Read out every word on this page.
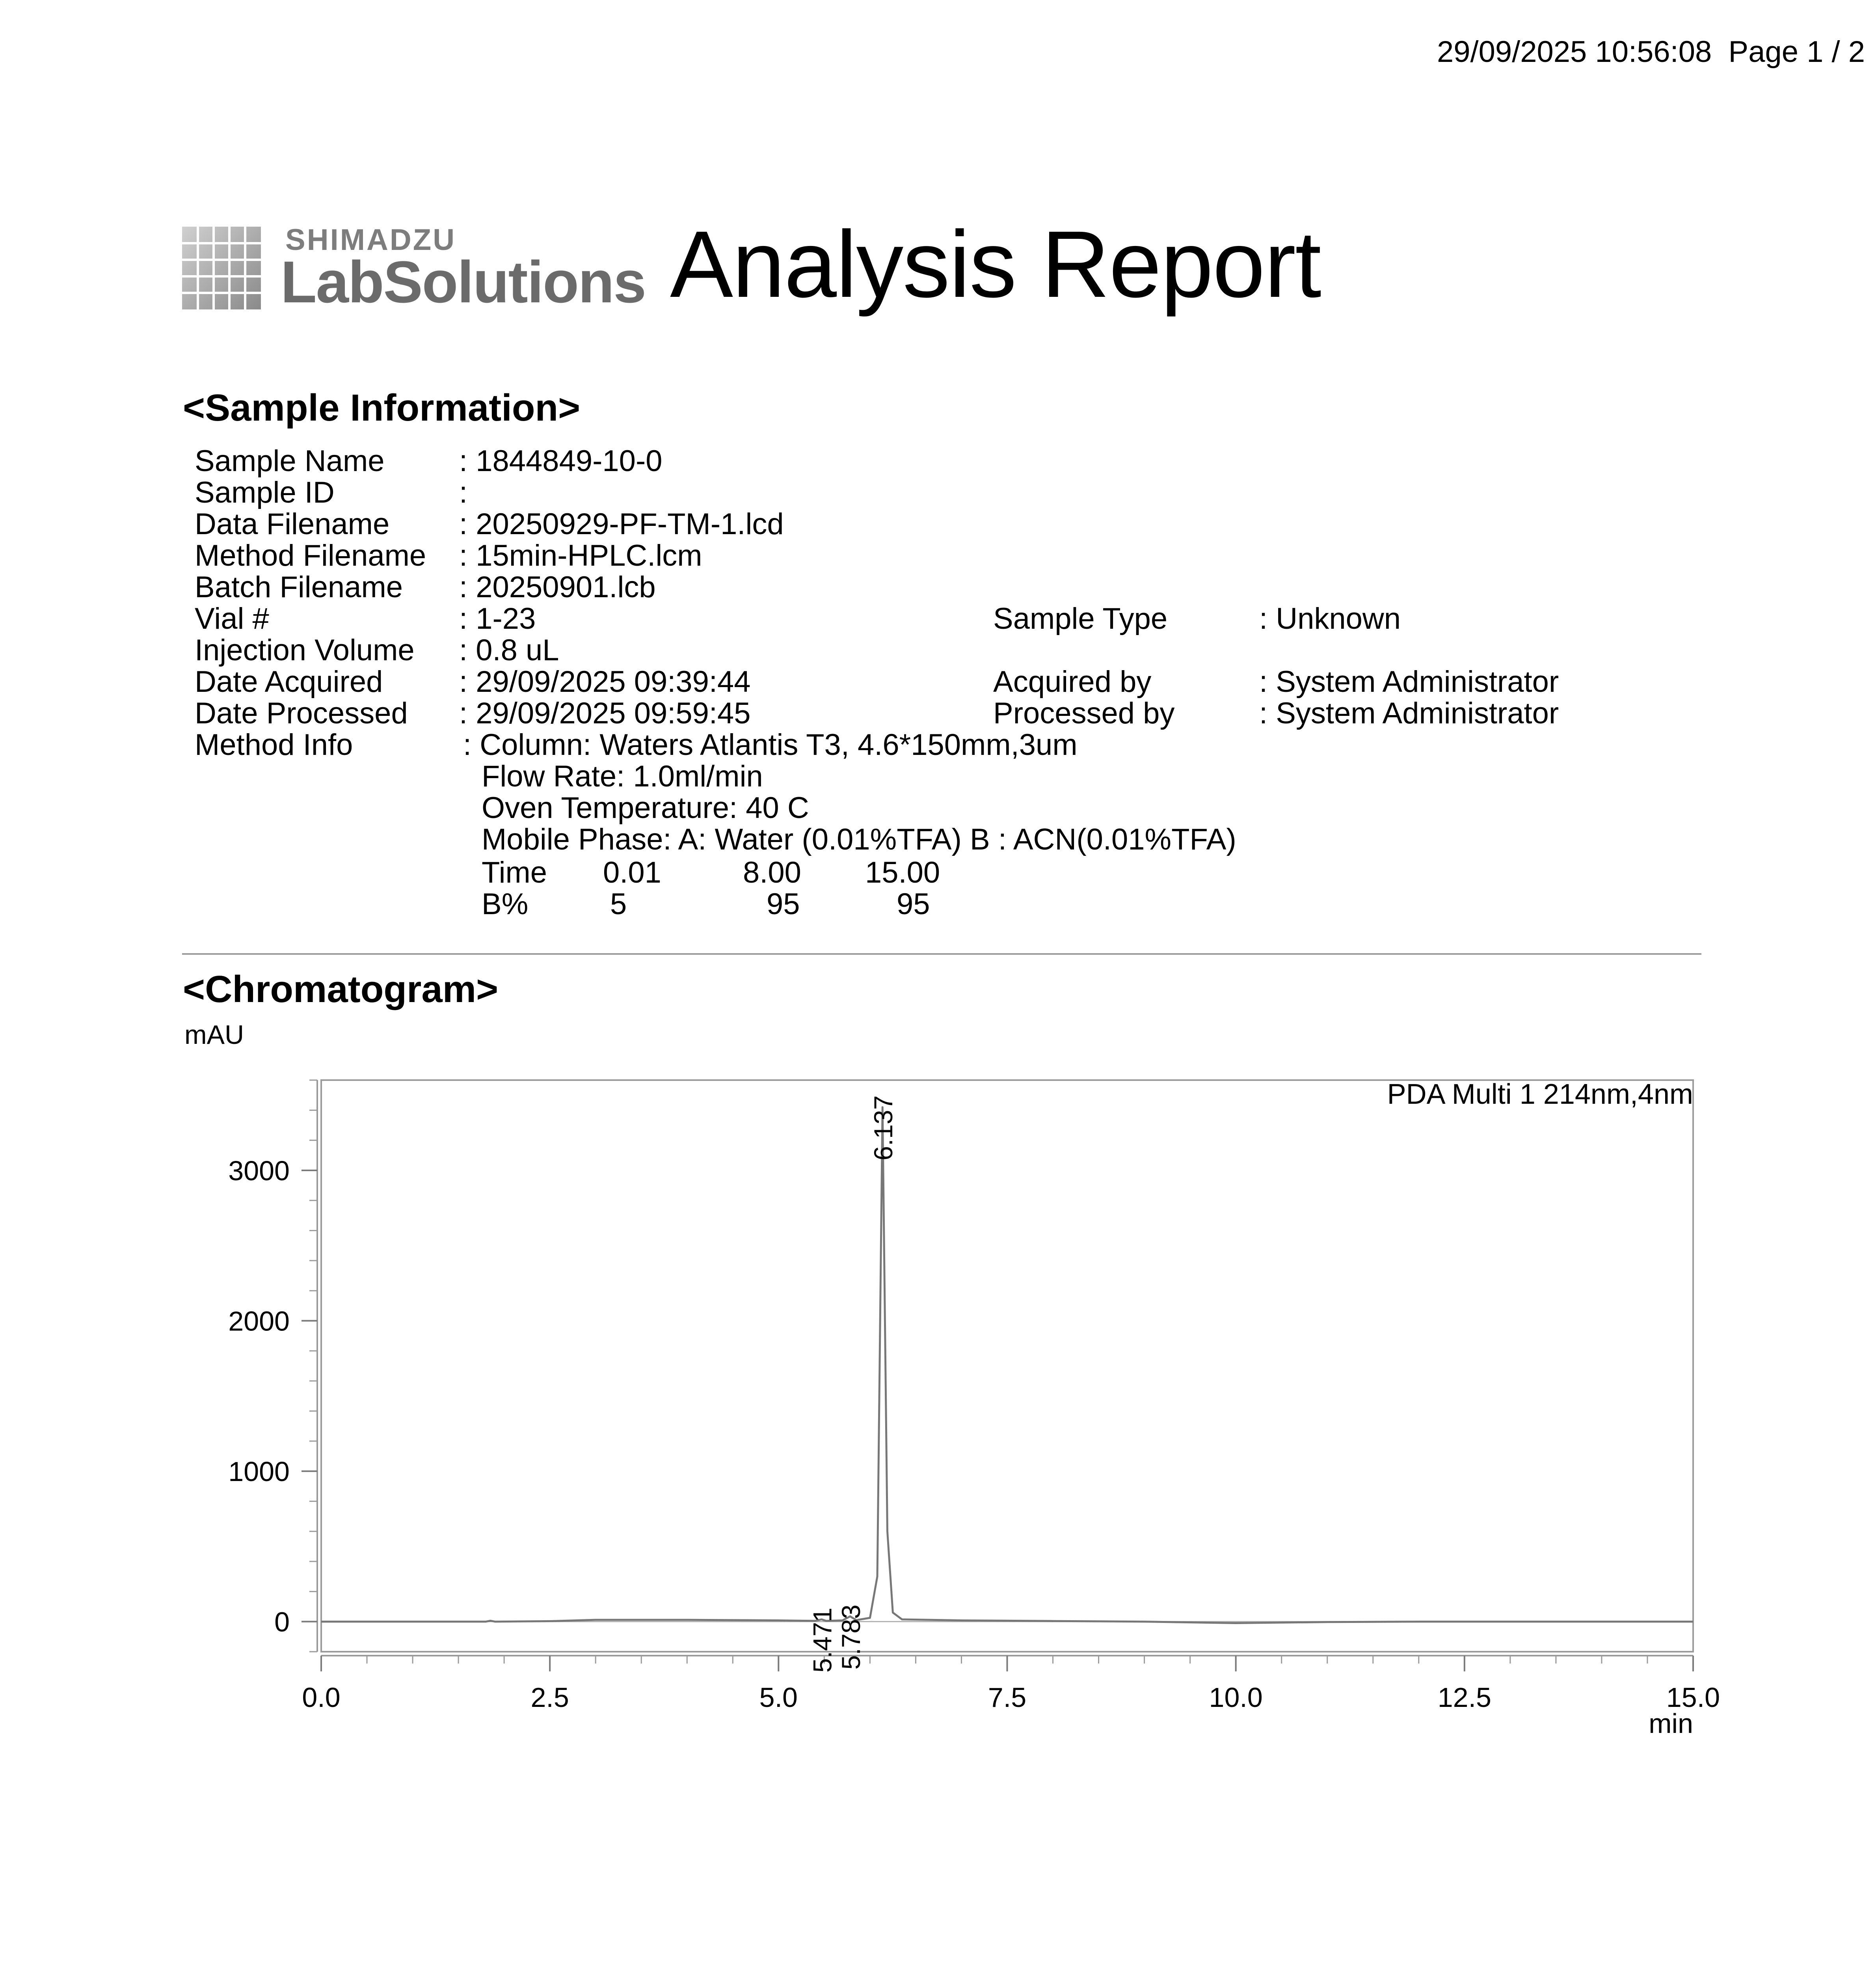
29/09/2025 10:56:08 Page 1 / 2
SHIMADZU
LabSolutions Analysis Report
<Sample Information>
Sample Name : 1844849-10-0
Sample ID	:
Data Filename : 20250929-PF-TM-1.lcd
Method Filename : 15min-HPLC.lcm
Batch Filename : 20250901.lcb
Vial #	: 1-23	Sample Type	: Unknown
Injection Volume : 0.8 uL
Date Acquired	: 29/09/2025 09:39:44	Acquired by	: System Administrator
Date Processed : 29/09/2025 09:59:45	Processed by	: System Administrator
Method Info	: Column: Waters Atlantis T3, 4.6*150mm,3um
Flow Rate: 1.0ml/min
Oven Temperature: 40 C
Mobile Phase: A: Water (0.01%TFA) B : ACN(0.01%TFA)
Time 0.01	8.00 15.00
B%	5	95	95
<Chromatogram>
mAU
min
PDA Multi 1 214nm,4nm
0
1000
2000
3000
0.0	2.5	5.0	7.5	10.0	12.5	15.0
5.471
5.783
6.137
